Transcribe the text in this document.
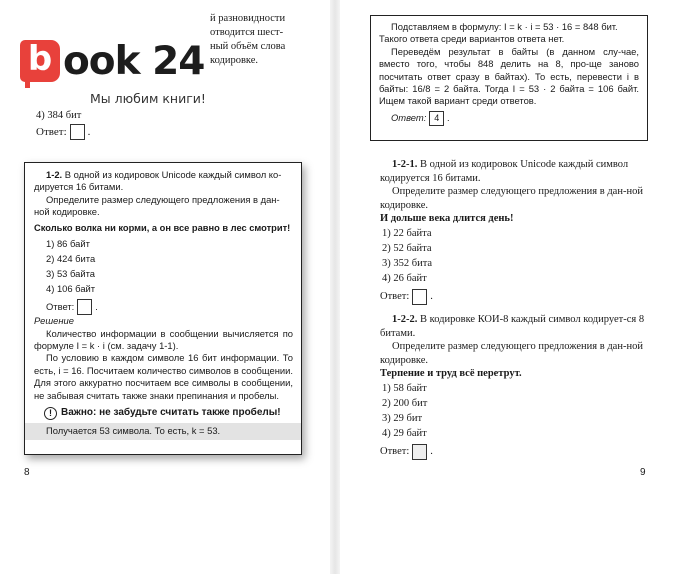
й разновидности
отводится шест-
ный объём слова
кодировке.
4) 384 бит
Ответ: .

1-2. В одной из кодировок Unicode каждый символ ко-дируется 16 битами.

Определите размер следующего предложения в дан-ной кодировке.

Сколько волка ни корми, а он все равно в лес смотрит!

1) 86 байт
2) 424 бита
3) 53 байта
4) 106 байт
Ответ: .

Решение

Количество информации в сообщении вычисляется по формуле I = k · i (см. задачу 1-1).

По условию в каждом символе 16 бит информации. То есть, i = 16. Посчитаем количество символов в сообщении. Для этого аккуратно посчитаем все символы в сообщении, не забывая считать также знаки препинания и пробелы.

! Важно: не забудьте считать также пробелы!
Получается 53 символа. То есть, k = 53.
8
b ook 24
Мы любим книги!

Подставляем в формулу: I = k · i = 53 · 16 = 848 бит. Такого ответа среди вариантов ответа нет.

Переведём результат в байты (в данном слу-чае, вместо того, чтобы 848 делить на 8, про-ще заново посчитать ответ сразу в байтах). То есть, перевести i в байты: 16/8 = 2 байта. Тогда I = 53 · 2 байта = 106 байт. Ищем такой вариант среди ответов.

Ответ: 4 .

1-2-1. В одной из кодировок Unicode каждый символ кодируется 16 битами.

Определите размер следующего предложения в дан-ной кодировке.

И дольше века длится день!

1) 22 байта
2) 52 байта
3) 352 бита
4) 26 байт
Ответ: .

1-2-2. В кодировке КОИ-8 каждый символ кодирует-ся 8 битами.

Определите размер следующего предложения в дан-ной кодировке.

Терпение и труд всё перетрут.

1) 58 байт
2) 200 бит
3) 29 бит
4) 29 байт
Ответ: .
9
